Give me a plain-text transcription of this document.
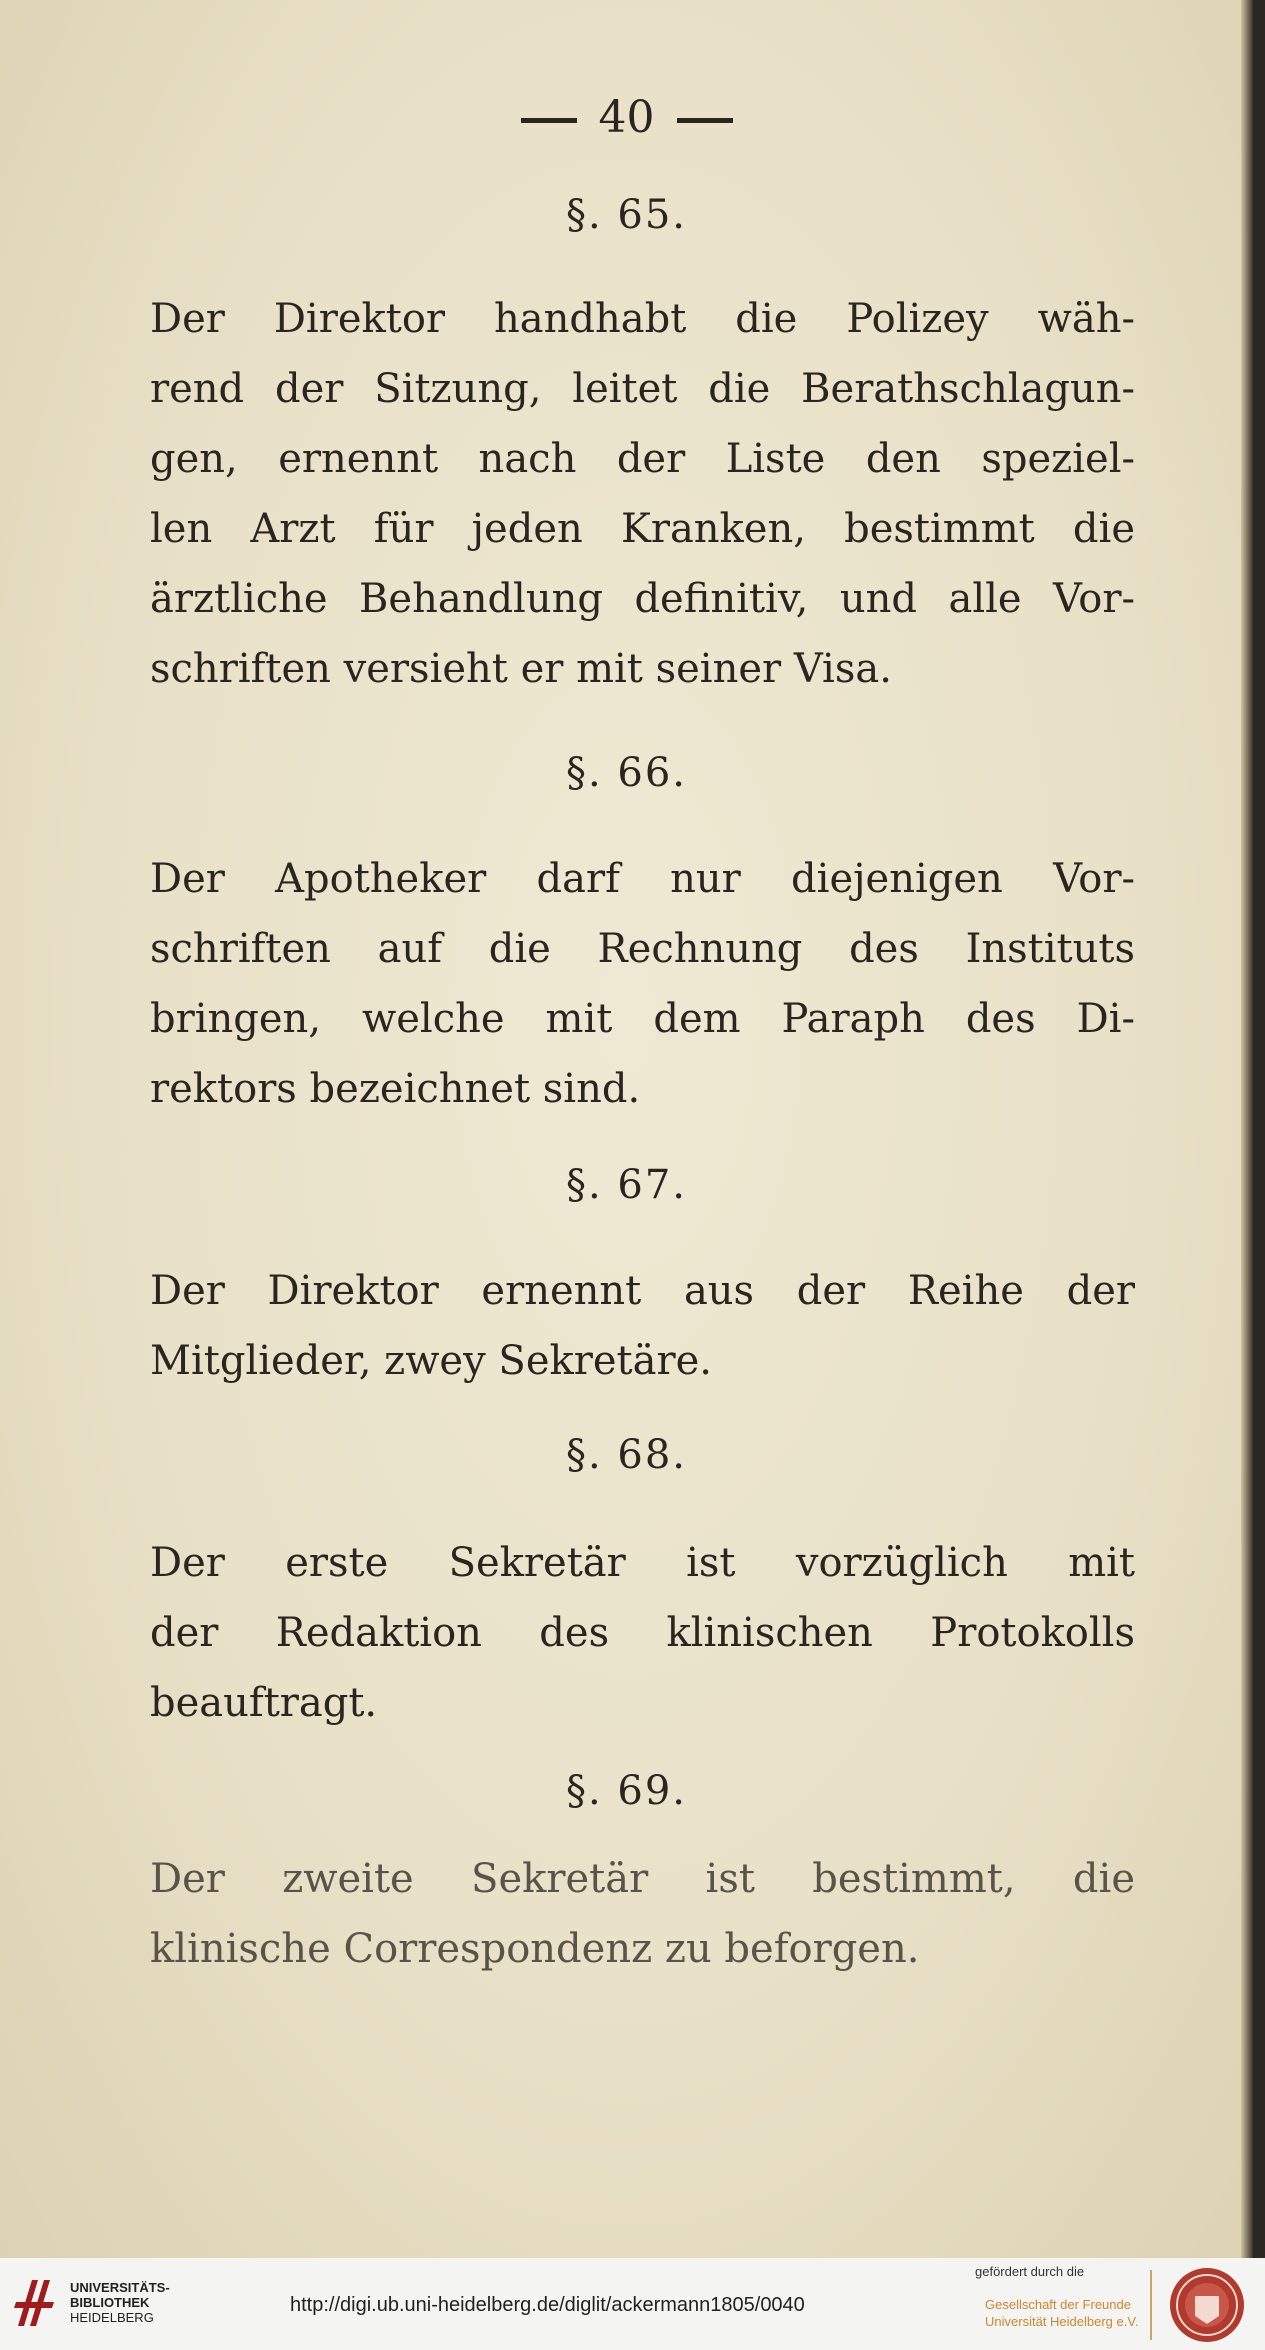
40
§. 65.
Der Direktor handhabt die Polizey wäh-
rend der Sitzung, leitet die Berathschlagun-
gen, ernennt nach der Liste den speziel-
len Arzt für jeden Kranken, bestimmt die
ärztliche Behandlung definitiv, und alle Vor-
schriften versieht er mit seiner Visa.
§. 66.
Der Apotheker darf nur diejenigen Vor-
schriften auf die Rechnung des Instituts
bringen, welche mit dem Paraph des Di-
rektors bezeichnet sind.
§. 67.
Der Direktor ernennt aus der Reihe der
Mitglieder, zwey Sekretäre.
§. 68.
Der erste Sekretär ist vorzüglich mit
der Redaktion des klinischen Protokolls
beauftragt.
§. 69.
Der zweite Sekretär ist bestimmt, die
klinische Correspondenz zu beforgen.
UNIVERSITÄTS-
BIBLIOTHEK
HEIDELBERG
http://digi.ub.uni-heidelberg.de/diglit/ackermann1805/0040
gefördert durch die
Gesellschaft der Freunde
Universität Heidelberg e.V.
